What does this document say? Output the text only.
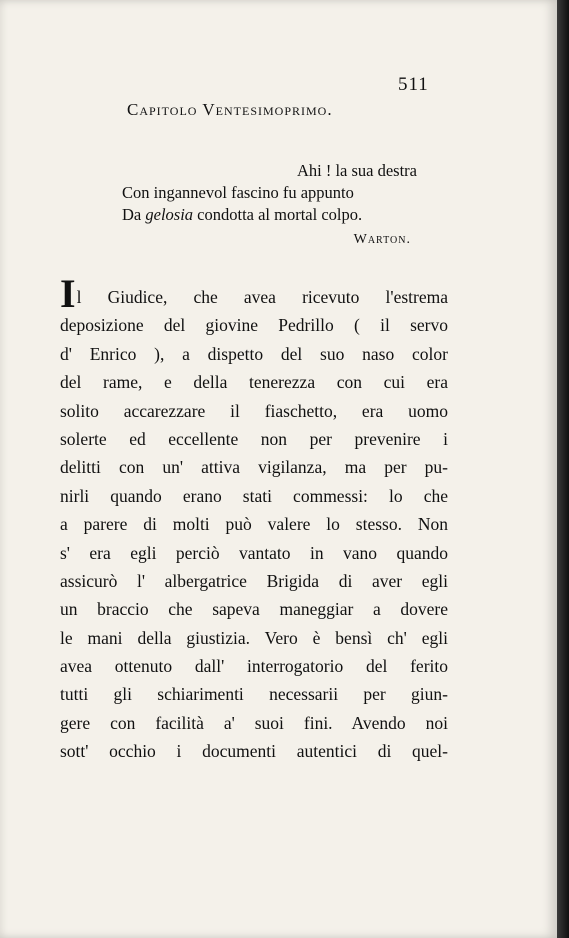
511
Capitolo Ventesimoprimo.
Ahi ! la sua destra
Con ingannevol fascino fu appunto
Da gelosia condotta al mortal colpo.
Warton.
Il Giudice, che avea ricevuto l'estrema
deposizione del giovine Pedrillo ( il servo
d' Enrico ), a dispetto del suo naso color
del rame, e della tenerezza con cui era
solito accarezzare il fiaschetto, era uomo
solerte ed eccellente non per prevenire i
delitti con un' attiva vigilanza, ma per pu-
nirli quando erano stati commessi: lo che
a parere di molti può valere lo stesso. Non
s' era egli perciò vantato in vano quando
assicurò l' albergatrice Brigida di aver egli
un braccio che sapeva maneggiar a dovere
le mani della giustizia. Vero è bensì ch' egli
avea ottenuto dall' interrogatorio del ferito
tutti gli schiarimenti necessarii per giun-
gere con facilità a' suoi fini. Avendo noi
sott' occhio i documenti autentici di quel-
